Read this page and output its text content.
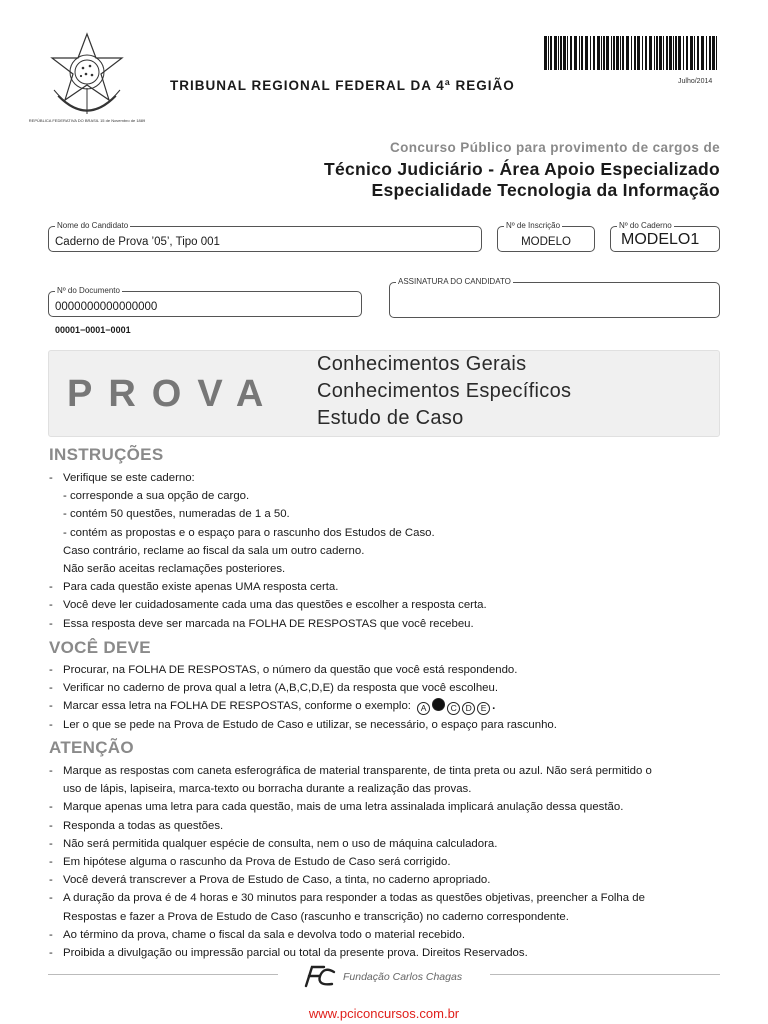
REPÚBLICA FEDERATIVA DO BRASIL 15 de Novembro de 1889
TRIBUNAL REGIONAL FEDERAL DA 4ª REGIÃO	Julho/2014
Concurso Público para provimento de cargos de
Técnico Judiciário - Área Apoio Especializado
Especialidade Tecnologia da Informação
Nome do Candidato
Caderno de Prova ’05’, Tipo 001
Nº de Inscrição
MODELO
Nº do Caderno
MODELO1
Nº do Documento
0000000000000000
ASSINATURA DO CANDIDATO
00001−0001−0001
PROVA
Conhecimentos Gerais
Conhecimentos Específicos
Estudo de Caso
INSTRUÇÕES
- Verifique se este caderno:
- corresponde a sua opção de cargo.
- contém 50 questões, numeradas de 1 a 50.
- contém as propostas e o espaço para o rascunho dos Estudos de Caso.
Caso contrário, reclame ao fiscal da sala um outro caderno.
Não serão aceitas reclamações posteriores.
- Para cada questão existe apenas UMA resposta certa.
- Você deve ler cuidadosamente cada uma das questões e escolher a resposta certa.
- Essa resposta deve ser marcada na FOLHA DE RESPOSTAS que você recebeu.
VOCÊ DEVE
- Procurar, na FOLHA DE RESPOSTAS, o número da questão que você está respondendo.
- Verificar no caderno de prova qual a letra (A,B,C,D,E) da resposta que você escolheu.
- Marcar essa letra na FOLHA DE RESPOSTAS, conforme o exemplo: A	C D E .
- Ler o que se pede na Prova de Estudo de Caso e utilizar, se necessário, o espaço para rascunho.
ATENÇÃO
- Marque as respostas com caneta esferográfica de material transparente, de tinta preta ou azul. Não será permitido o
uso de lápis, lapiseira, marca-texto ou borracha durante a realização das provas.
- Marque apenas uma letra para cada questão, mais de uma letra assinalada implicará anulação dessa questão.
- Responda a todas as questões.
- Não será permitida qualquer espécie de consulta, nem o uso de máquina calculadora.
- Em hipótese alguma o rascunho da Prova de Estudo de Caso será corrigido.
- Você deverá transcrever a Prova de Estudo de Caso, a tinta, no caderno apropriado.
- A duração da prova é de 4 horas e 30 minutos para responder a todas as questões objetivas, preencher a Folha de
Respostas e fazer a Prova de Estudo de Caso (rascunho e transcrição) no caderno correspondente.
- Ao término da prova, chame o fiscal da sala e devolva todo o material recebido.
- Proibida a divulgação ou impressão parcial ou total da presente prova. Direitos Reservados.
Fundação Carlos Chagas
www.pciconcursos.com.br
